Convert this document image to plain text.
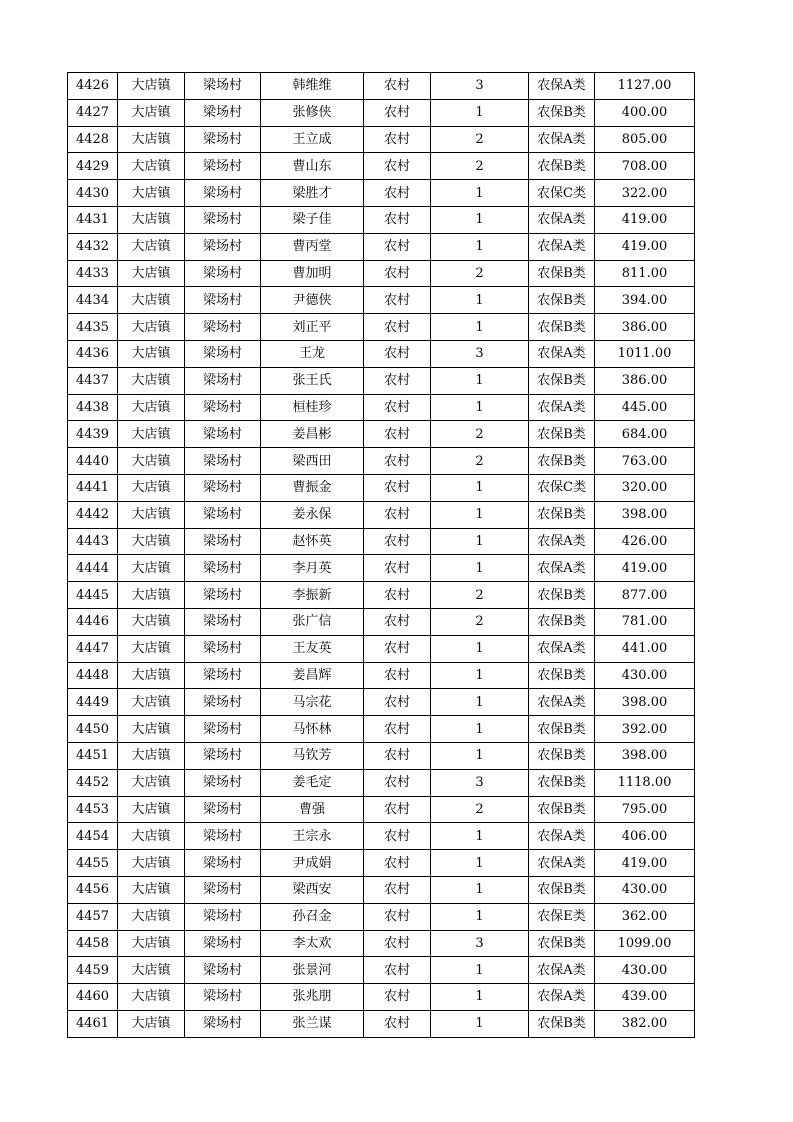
4426	大店镇	梁场村	韩维维	农村	3	农保A类	1127.00
4427	大店镇	梁场村	张修侠	农村	1	农保B类	400.00
4428	大店镇	梁场村	王立成	农村	2	农保A类	805.00
4429	大店镇	梁场村	曹山东	农村	2	农保B类	708.00
4430	大店镇	梁场村	梁胜才	农村	1	农保C类	322.00
4431	大店镇	梁场村	梁子佳	农村	1	农保A类	419.00
4432	大店镇	梁场村	曹丙堂	农村	1	农保A类	419.00
4433	大店镇	梁场村	曹加明	农村	2	农保B类	811.00
4434	大店镇	梁场村	尹德侠	农村	1	农保B类	394.00
4435	大店镇	梁场村	刘正平	农村	1	农保B类	386.00
4436	大店镇	梁场村	王龙	农村	3	农保A类	1011.00
4437	大店镇	梁场村	张王氏	农村	1	农保B类	386.00
4438	大店镇	梁场村	桓桂珍	农村	1	农保A类	445.00
4439	大店镇	梁场村	姜昌彬	农村	2	农保B类	684.00
4440	大店镇	梁场村	梁西田	农村	2	农保B类	763.00
4441	大店镇	梁场村	曹振金	农村	1	农保C类	320.00
4442	大店镇	梁场村	姜永保	农村	1	农保B类	398.00
4443	大店镇	梁场村	赵怀英	农村	1	农保A类	426.00
4444	大店镇	梁场村	李月英	农村	1	农保A类	419.00
4445	大店镇	梁场村	李振新	农村	2	农保B类	877.00
4446	大店镇	梁场村	张广信	农村	2	农保B类	781.00
4447	大店镇	梁场村	王友英	农村	1	农保A类	441.00
4448	大店镇	梁场村	姜昌辉	农村	1	农保B类	430.00
4449	大店镇	梁场村	马宗花	农村	1	农保A类	398.00
4450	大店镇	梁场村	马怀林	农村	1	农保B类	392.00
4451	大店镇	梁场村	马钦芳	农村	1	农保B类	398.00
4452	大店镇	梁场村	姜毛定	农村	3	农保B类	1118.00
4453	大店镇	梁场村	曹强	农村	2	农保B类	795.00
4454	大店镇	梁场村	王宗永	农村	1	农保A类	406.00
4455	大店镇	梁场村	尹成娟	农村	1	农保A类	419.00
4456	大店镇	梁场村	梁西安	农村	1	农保B类	430.00
4457	大店镇	梁场村	孙召金	农村	1	农保E类	362.00
4458	大店镇	梁场村	李太欢	农村	3	农保B类	1099.00
4459	大店镇	梁场村	张景河	农村	1	农保A类	430.00
4460	大店镇	梁场村	张兆朋	农村	1	农保A类	439.00
4461	大店镇	梁场村	张兰谋	农村	1	农保B类	382.00
